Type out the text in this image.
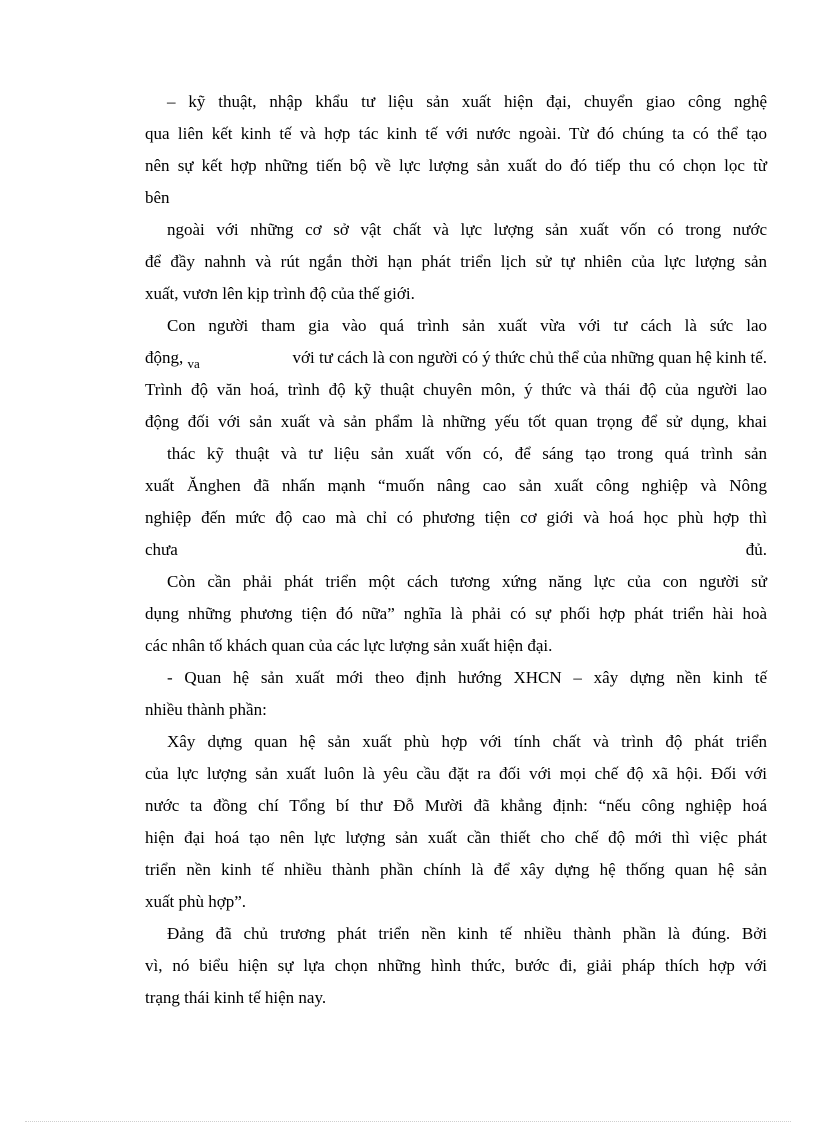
– kỹ thuật, nhập khẩu tư liệu sản xuất hiện đại, chuyển giao công nghệ
qua liên kết kinh tế và hợp tác kinh tế với nước ngoài. Từ đó chúng ta có thể tạo
nên sự kết hợp những tiến bộ về lực lượng sản xuất do đó tiếp thu có chọn lọc từ
bên
ngoài với những cơ sở vật chất và lực lượng sản xuất vốn có trong nước
để đầy nahnh và rút ngắn thời hạn phát triển lịch sử tự nhiên của lực lượng sản
xuất, vươn lên kịp trình độ của thế giới.
Con người tham gia vào quá trình sản xuất vừa với tư cách là sức lao
động, $_{va}$	với tư cách là con người có ý thức chủ thể của những quan hệ kinh tế.
Trình độ văn hoá, trình độ kỹ thuật chuyên môn, ý thức và thái độ của người lao
động đối với sản xuất và sản phẩm là những yếu tốt quan trọng để sử dụng, khai
thác kỹ thuật và tư liệu sản xuất vốn có, để sáng tạo trong quá trình sản
xuất Ănghen đã nhấn mạnh “muốn nâng cao sản xuất công nghiệp và Nông
nghiệp đến mức độ cao mà chỉ có phương tiện cơ giới và hoá học phù hợp thì
chưa	đủ.
Còn cần phải phát triển một cách tương xứng năng lực của con người sử
dụng những phương tiện đó nữa” nghĩa là phải có sự phối hợp phát triển hài hoà
các nhân tố khách quan của các lực lượng sản xuất hiện đại.
- Quan hệ sản xuất mới theo định hướng XHCN – xây dựng nền kinh tế
nhiều thành phần:
Xây dựng quan hệ sản xuất phù hợp với tính chất và trình độ phát triển
của lực lượng sản xuất luôn là yêu cầu đặt ra đối với mọi chế độ xã hội. Đối với
nước ta đồng chí Tổng bí thư Đỗ Mười đã khẳng định: “nếu công nghiệp hoá
hiện đại hoá tạo nên lực lượng sản xuất cần thiết cho chế độ mới thì việc phát
triển nền kinh tế nhiều thành phần chính là để xây dựng hệ thống quan hệ sản
xuất phù hợp”.
Đảng đã chủ trương phát triển nền kinh tế nhiều thành phần là đúng. Bởi
vì, nó biểu hiện sự lựa chọn những hình thức, bước đi, giải pháp thích hợp với
trạng thái kinh tế hiện nay.
